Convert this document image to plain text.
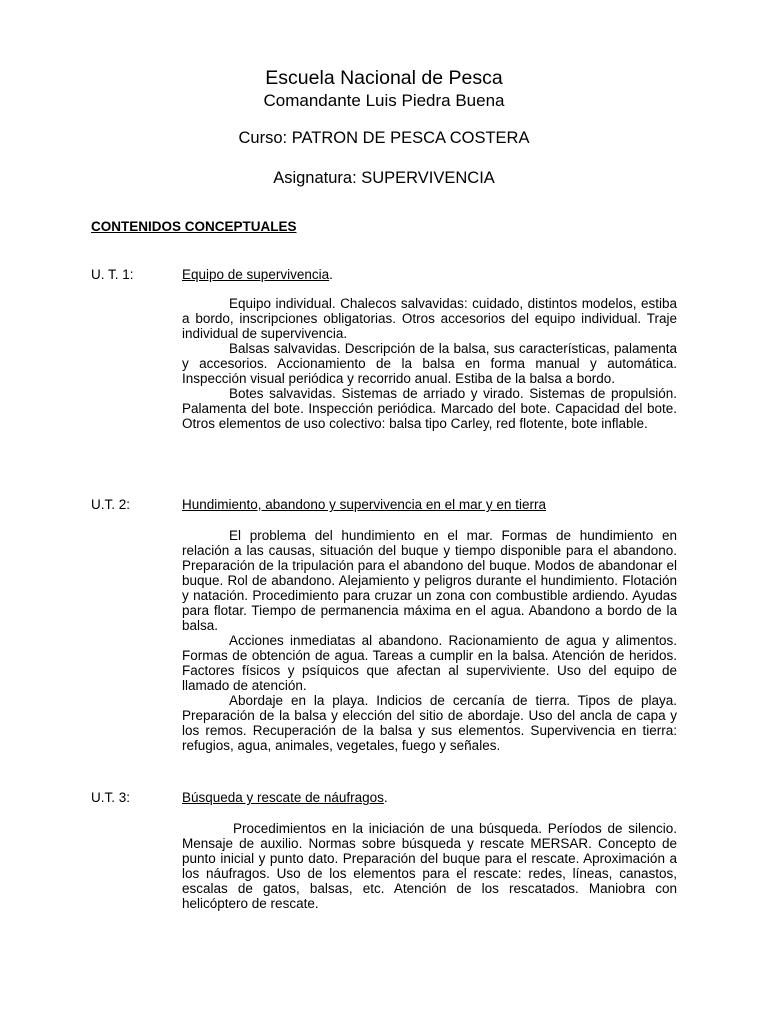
Escuela Nacional de Pesca
Comandante Luis Piedra Buena
Curso: PATRON DE PESCA COSTERA
Asignatura: SUPERVIVENCIA
CONTENIDOS CONCEPTUALES
U. T. 1:	Equipo de supervivencia.

Equipo individual. Chalecos salvavidas: cuidado, distintos modelos, estiba a bordo, inscripciones obligatorias. Otros accesorios del equipo individual. Traje individual de supervivencia.

Balsas salvavidas. Descripción de la balsa, sus características, palamenta y accesorios. Accionamiento de la balsa en forma manual y automática. Inspección visual periódica y recorrido anual. Estiba de la balsa a bordo.

Botes salvavidas. Sistemas de arriado y virado. Sistemas de propulsión. Palamenta del bote. Inspección periódica. Marcado del bote. Capacidad del bote. Otros elementos de uso colectivo: balsa tipo Carley, red flotente, bote inflable.

U.T. 2:	Hundimiento, abandono y supervivencia en el mar y en tierra

El problema del hundimiento en el mar. Formas de hundimiento en relación a las causas, situación del buque y tiempo disponible para el abandono. Preparación de la tripulación para el abandono del buque. Modos de abandonar el buque. Rol de abandono. Alejamiento y peligros durante el hundimiento. Flotación y natación. Procedimiento para cruzar un zona con combustible ardiendo. Ayudas para flotar. Tiempo de permanencia máxima en el agua. Abandono a bordo de la balsa.

Acciones inmediatas al abandono. Racionamiento de agua y alimentos. Formas de obtención de agua. Tareas a cumplir en la balsa. Atención de heridos. Factores físicos y psíquicos que afectan al superviviente. Uso del equipo de llamado de atención.

Abordaje en la playa. Indicios de cercanía de tierra. Tipos de playa. Preparación de la balsa y elección del sitio de abordaje. Uso del ancla de capa y los remos. Recuperación de la balsa y sus elementos. Supervivencia en tierra: refugios, agua, animales, vegetales, fuego y señales.

U.T. 3:	Búsqueda y rescate de náufragos.

Procedimientos en la iniciación de una búsqueda. Períodos de silencio. Mensaje de auxilio. Normas sobre búsqueda y rescate MERSAR. Concepto de punto inicial y punto dato. Preparación del buque para el rescate. Aproximación a los náufragos. Uso de los elementos para el rescate: redes, líneas, canastos, escalas de gatos, balsas, etc. Atención de los rescatados. Maniobra con helicóptero de rescate.
